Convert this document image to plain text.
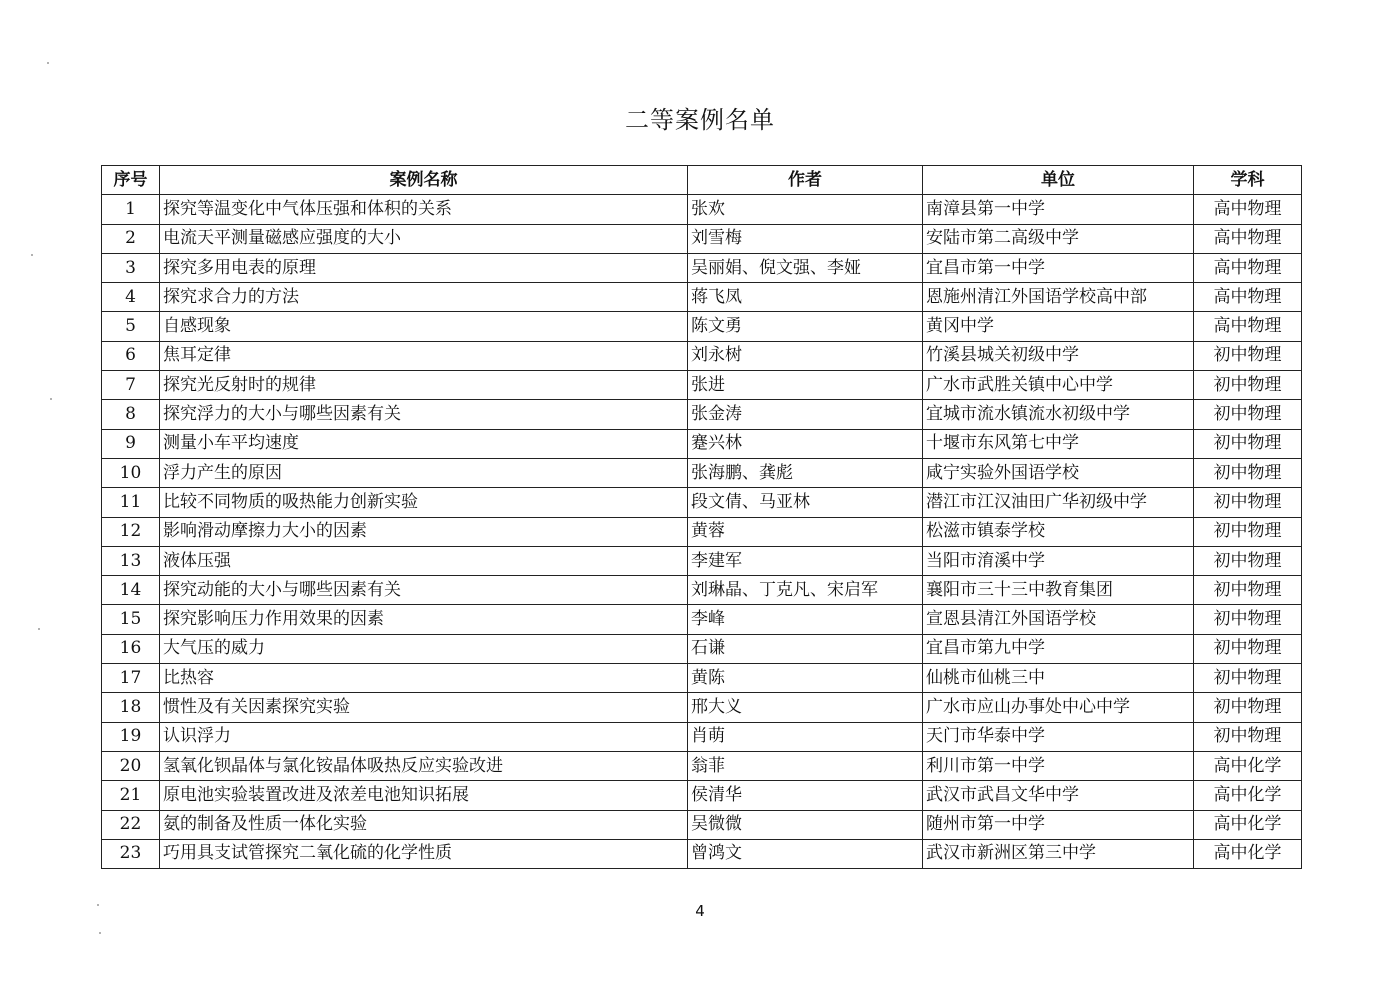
二等案例名单
序号	案例名称	作者	单位	学科
1	探究等温变化中气体压强和体积的关系	张欢	南漳县第一中学	高中物理
2	电流天平测量磁感应强度的大小	刘雪梅	安陆市第二高级中学	高中物理
3	探究多用电表的原理	吴丽娟、倪文强、李娅	宜昌市第一中学	高中物理
4	探究求合力的方法	蒋飞凤	恩施州清江外国语学校高中部	高中物理
5	自感现象	陈文勇	黄冈中学	高中物理
6	焦耳定律	刘永树	竹溪县城关初级中学	初中物理
7	探究光反射时的规律	张进	广水市武胜关镇中心中学	初中物理
8	探究浮力的大小与哪些因素有关	张金涛	宜城市流水镇流水初级中学	初中物理
9	测量小车平均速度	蹇兴林	十堰市东风第七中学	初中物理
10	浮力产生的原因	张海鹏、龚彪	咸宁实验外国语学校	初中物理
11	比较不同物质的吸热能力创新实验	段文倩、马亚林	潜江市江汉油田广华初级中学	初中物理
12	影响滑动摩擦力大小的因素	黄蓉	松滋市镇泰学校	初中物理
13	液体压强	李建军	当阳市淯溪中学	初中物理
14	探究动能的大小与哪些因素有关	刘琳晶、丁克凡、宋启军	襄阳市三十三中教育集团	初中物理
15	探究影响压力作用效果的因素	李峰	宣恩县清江外国语学校	初中物理
16	大气压的威力	石谦	宜昌市第九中学	初中物理
17	比热容	黄陈	仙桃市仙桃三中	初中物理
18	惯性及有关因素探究实验	邢大义	广水市应山办事处中心中学	初中物理
19	认识浮力	肖萌	天门市华泰中学	初中物理
20	氢氧化钡晶体与氯化铵晶体吸热反应实验改进	翁菲	利川市第一中学	高中化学
21	原电池实验装置改进及浓差电池知识拓展	侯清华	武汉市武昌文华中学	高中化学
22	氨的制备及性质一体化实验	吴微微	随州市第一中学	高中化学
23	巧用具支试管探究二氧化硫的化学性质	曾鸿文	武汉市新洲区第三中学	高中化学
4
